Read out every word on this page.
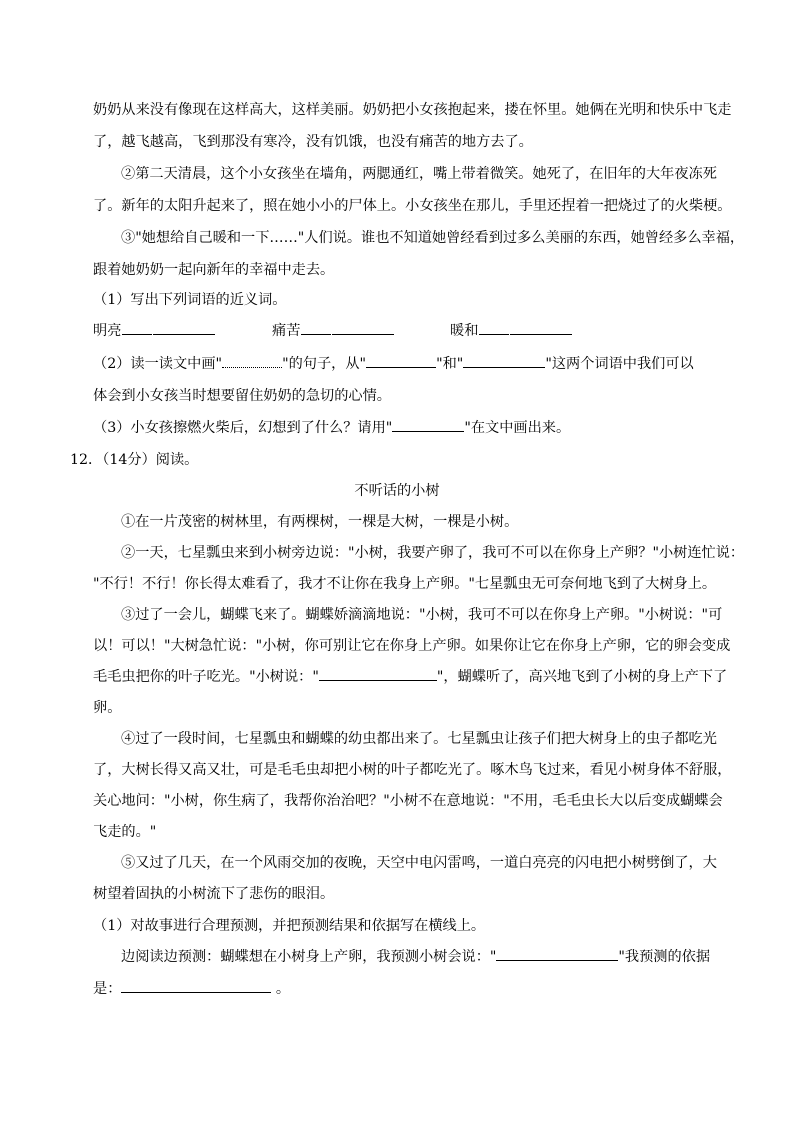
奶奶从来没有像现在这样高大，这样美丽。奶奶把小女孩抱起来，搂在怀里。她俩在光明和快乐中飞走
了，越飞越高，飞到那没有寒冷，没有饥饿，也没有痛苦的地方去了。
②第二天清晨，这个小女孩坐在墙角，两腮通红，嘴上带着微笑。她死了，在旧年的大年夜冻死
了。新年的太阳升起来了，照在她小小的尸体上。小女孩坐在那儿，手里还捏着一把烧过了的火柴梗。
③"她想给自己暖和一下……"人们说。谁也不知道她曾经看到过多么美丽的东西，她曾经多么幸福，
跟着她奶奶一起向新年的幸福中走去。
（1）写出下列词语的近义词。
明亮	痛苦	暖和
（2）读一读文中画"	"的句子，从"	"和"	"这两个词语中我们可以
体会到小女孩当时想要留住奶奶的急切的心情。
（3）小女孩擦燃火柴后，幻想到了什么？请用"	"在文中画出来。
12．（14分）阅读。
不听话的小树
①在一片茂密的树林里，有两棵树，一棵是大树，一棵是小树。
②一天，七星瓢虫来到小树旁边说："小树，我要产卵了，我可不可以在你身上产卵？"小树连忙说：
"不行！不行！你长得太难看了，我才不让你在我身上产卵。"七星瓢虫无可奈何地飞到了大树身上。
③过了一会儿，蝴蝶飞来了。蝴蝶娇滴滴地说："小树，我可不可以在你身上产卵。"小树说："可
以！可以！"大树急忙说："小树，你可别让它在你身上产卵。如果你让它在你身上产卵，它的卵会变成
毛毛虫把你的叶子吃光。"小树说："	"，蝴蝶听了，高兴地飞到了小树的身上产下了
卵。
④过了一段时间，七星瓢虫和蝴蝶的幼虫都出来了。七星瓢虫让孩子们把大树身上的虫子都吃光
了，大树长得又高又壮，可是毛毛虫却把小树的叶子都吃光了。啄木鸟飞过来，看见小树身体不舒服，
关心地问："小树，你生病了，我帮你治治吧？"小树不在意地说："不用，毛毛虫长大以后变成蝴蝶会
飞走的。"
⑤又过了几天，在一个风雨交加的夜晚，天空中电闪雷鸣，一道白亮亮的闪电把小树劈倒了，大
树望着固执的小树流下了悲伤的眼泪。
（1）对故事进行合理预测，并把预测结果和依据写在横线上。
边阅读边预测：蝴蝶想在小树身上产卵，我预测小树会说："	"我预测的依据
是：	。
